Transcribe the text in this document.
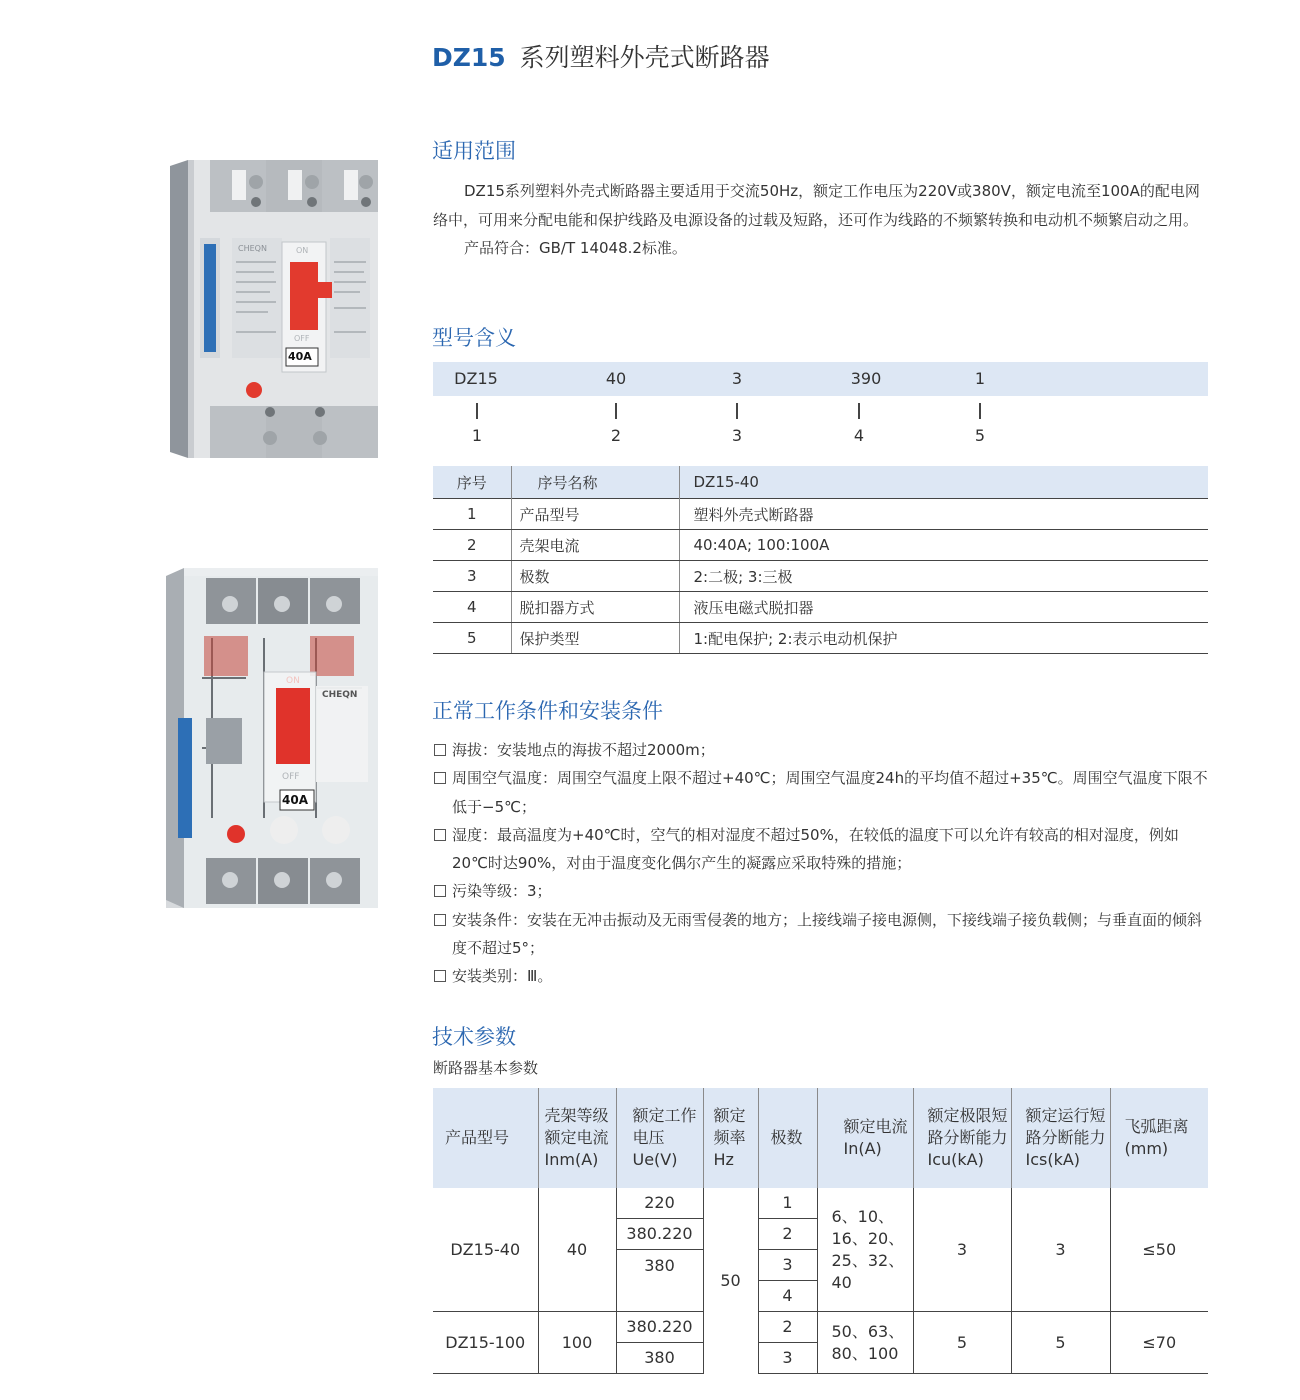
DZ15 系列塑料外壳式断路器
CHEQN	ON
OFF
40A
CHEQN
ON
OFF
40A
适用范围

DZ15系列塑料外壳式断路器主要适用于交流50Hz，额定工作电压为220V或380V，额定电流至100A的配电网络中，可用来分配电能和保护线路及电源设备的过载及短路，还可作为线路的不频繁转换和电动机不频繁启动之用。

产品符合：GB/T 14048.2标准。

型号含义
DZ15	40	3	390	1
1	2	3	4	5
序号	序号名称	DZ15-40
1	产品型号	塑料外壳式断路器
2	壳架电流	40:40A; 100:100A
3	极数	2:二极; 3:三极
4	脱扣器方式	液压电磁式脱扣器
5	保护类型	1:配电保护; 2:表示电动机保护
正常工作条件和安装条件
海拔：安装地点的海拔不超过2000m；
周围空气温度：周围空气温度上限不超过+40℃；周围空气温度24h的平均值不超过+35℃。周围空气温度下限不低于−5℃；
湿度：最高温度为+40℃时，空气的相对湿度不超过50%，在较低的温度下可以允许有较高的相对湿度，例如20℃时达90%，对由于温度变化偶尔产生的凝露应采取特殊的措施；
污染等级：3；
安装条件：安装在无冲击振动及无雨雪侵袭的地方；上接线端子接电源侧，下接线端子接负载侧；与垂直面的倾斜度不超过5°；
安装类别：Ⅲ。
技术参数
断路器基本参数
产品型号	壳架等级额定电流Inm(A)	额定工作电压Ue(V)	额定频率Hz	极数	额定电流In(A)	额定极限短路分断能力Icu(kA)	额定运行短路分断能力Ics(kA)	飞弧距离(mm)
DZ15-40	40	220	50	1	6、10、16、20、25、32、40	3	3	≤50
		380.220		2				
		380		3				
				4				
DZ15-100	100	380.220		2	50、63、80、100	5	5	≤70
		380		3				
